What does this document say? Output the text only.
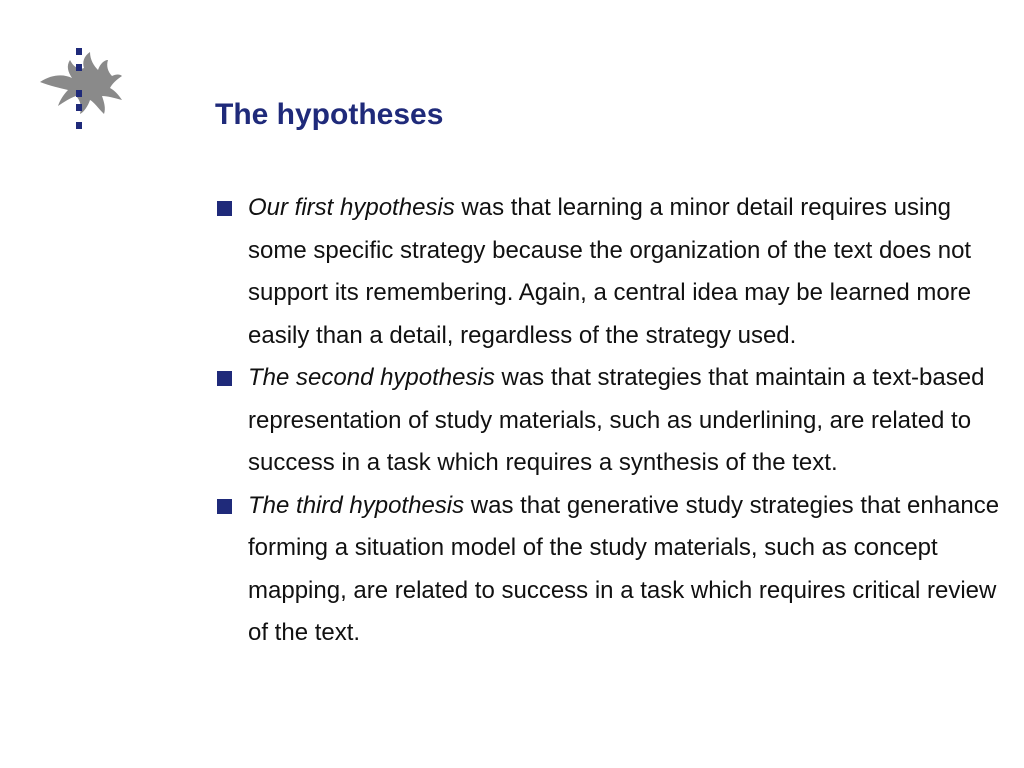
The hypotheses
Our first hypothesis was that learning a minor detail requires using some specific strategy because the organization of the text does not support its remembering. Again, a central idea may be learned more easily than a detail, regardless of the strategy used.
The second hypothesis was that strategies that maintain a text-based representation of study materials, such as underlining, are related to success in a task which requires a synthesis of the text.
The third hypothesis was that generative study strategies that enhance forming a situation model of the study materials, such as concept mapping, are related to success in a task which requires critical review of the text.
